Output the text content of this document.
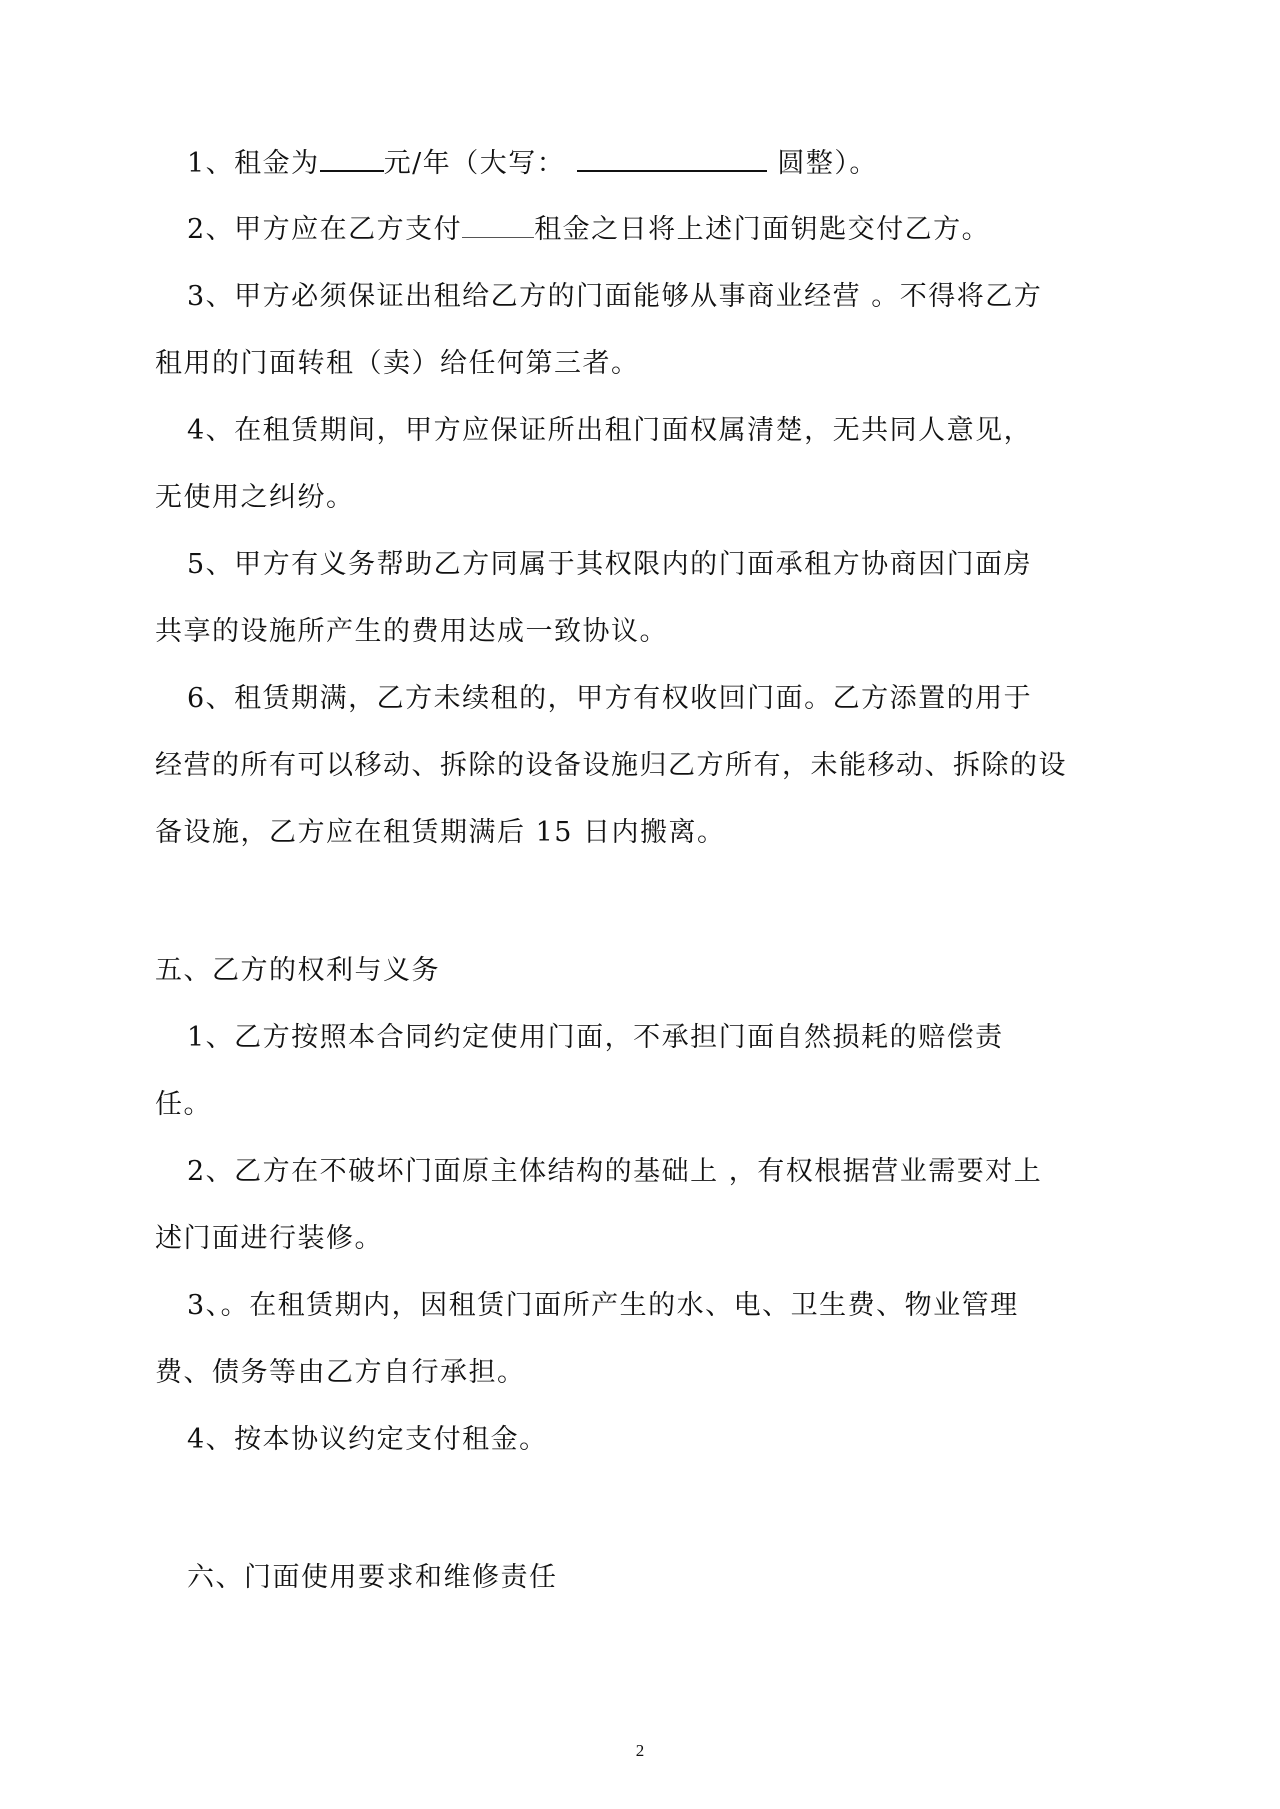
1、租金为 元/年（大写：	圆整）。
2、甲方应在乙方支付	租金之日将上述门面钥匙交付乙方。
3、甲方必须保证出租给乙方的门面能够从事商业经营 。不得将乙方
租用的门面转租（卖）给任何第三者。
4、在租赁期间，甲方应保证所出租门面权属清楚，无共同人意见，
无使用之纠纷。
5、甲方有义务帮助乙方同属于其权限内的门面承租方协商因门面房
共享的设施所产生的费用达成一致协议。
6、租赁期满，乙方未续租的，甲方有权收回门面。乙方添置的用于
经营的所有可以移动、拆除的设备设施归乙方所有，未能移动、拆除的设
备设施，乙方应在租赁期满后 15 日内搬离。
五、乙方的权利与义务
1、乙方按照本合同约定使用门面，不承担门面自然损耗的赔偿责
任。
2、乙方在不破坏门面原主体结构的基础上 ，有权根据营业需要对上
述门面进行装修。
3、。在租赁期内，因租赁门面所产生的水、电、卫生费、物业管理
费、债务等由乙方自行承担。
4、按本协议约定支付租金。
六、门面使用要求和维修责任
2
